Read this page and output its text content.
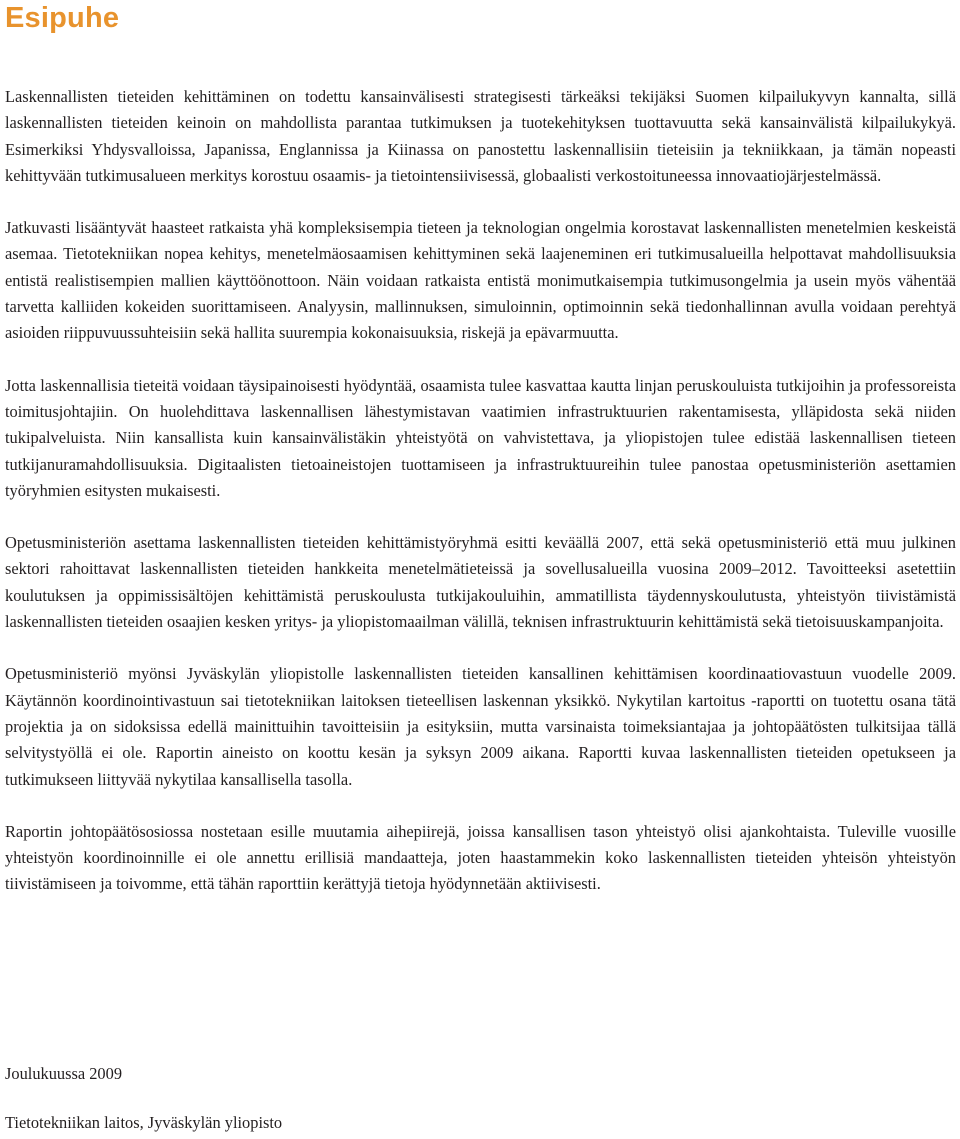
Esipuhe

Laskennallisten tieteiden kehittäminen on todettu kansainvälisesti strategisesti tärkeäksi tekijäksi Suomen kilpailukyvyn kannalta, sillä laskennallisten tieteiden keinoin on mahdollista parantaa tutkimuksen ja tuotekehityksen tuottavuutta sekä kansainvälistä kilpailukykyä. Esimerkiksi Yhdysvalloissa, Japanissa, Englannissa ja Kiinassa on panostettu laskennallisiin tieteisiin ja tekniikkaan, ja tämän nopeasti kehittyvään tutkimusalueen merkitys korostuu osaamis- ja tietointensiivisessä, globaalisti verkostoituneessa innovaatiojärjestelmässä.

Jatkuvasti lisääntyvät haasteet ratkaista yhä kompleksisempia tieteen ja teknologian ongelmia korostavat laskennallisten menetelmien keskeistä asemaa. Tietotekniikan nopea kehitys, menetelmäosaamisen kehittyminen sekä laajeneminen eri tutkimusalueilla helpottavat mahdollisuuksia entistä realistisempien mallien käyttöönottoon. Näin voidaan ratkaista entistä monimutkaisempia tutkimusongelmia ja usein myös vähentää tarvetta kalliiden kokeiden suorittamiseen. Analyysin, mallinnuksen, simuloinnin, optimoinnin sekä tiedonhallinnan avulla voidaan perehtyä asioiden riippuvuussuhteisiin sekä hallita suurempia kokonaisuuksia, riskejä ja epävarmuutta.

Jotta laskennallisia tieteitä voidaan täysipainoisesti hyödyntää, osaamista tulee kasvattaa kautta linjan peruskouluista tutkijoihin ja professoreista toimitusjohtajiin. On huolehdittava laskennallisen lähestymistavan vaatimien infrastruktuurien rakentamisesta, ylläpidosta sekä niiden tukipalveluista. Niin kansallista kuin kansainvälistäkin yhteistyötä on vahvistettava, ja yliopistojen tulee edistää laskennallisen tieteen tutkijanuramahdollisuuksia. Digitaalisten tietoaineistojen tuottamiseen ja infrastruktuureihin tulee panostaa opetusministeriön asettamien työryhmien esitysten mukaisesti.

Opetusministeriön asettama laskennallisten tieteiden kehittämistyöryhmä esitti keväällä 2007, että sekä opetusministeriö että muu julkinen sektori rahoittavat laskennallisten tieteiden hankkeita menetelmätieteissä ja sovellusalueilla vuosina 2009–2012. Tavoitteeksi asetettiin koulutuksen ja oppimissisältöjen kehittämistä peruskoulusta tutkijakouluihin, ammatillista täydennyskoulutusta, yhteistyön tiivistämistä laskennallisten tieteiden osaajien kesken yritys- ja yliopistomaailman välillä, teknisen infrastruktuurin kehittämistä sekä tietoisuuskampanjoita.

Opetusministeriö myönsi Jyväskylän yliopistolle laskennallisten tieteiden kansallinen kehittämisen koordinaatiovastuun vuodelle 2009. Käytännön koordinointivastuun sai tietotekniikan laitoksen tieteellisen laskennan yksikkö. Nykytilan kartoitus -raportti on tuotettu osana tätä projektia ja on sidoksissa edellä mainittuihin tavoitteisiin ja esityksiin, mutta varsinaista toimeksiantajaa ja johtopäätösten tulkitsijaa tällä selvitystyöllä ei ole. Raportin aineisto on koottu kesän ja syksyn 2009 aikana. Raportti kuvaa laskennallisten tieteiden opetukseen ja tutkimukseen liittyvää nykytilaa kansallisella tasolla.

Raportin johtopäätösosiossa nostetaan esille muutamia aihepiirejä, joissa kansallisen tason yhteistyö olisi ajankohtaista. Tuleville vuosille yhteistyön koordinoinnille ei ole annettu erillisiä mandaatteja, joten haastammekin koko laskennallisten tieteiden yhteisön yhteistyön tiivistämiseen ja toivomme, että tähän raporttiin kerättyjä tietoja hyödynnetään aktiivisesti.

Joulukuussa 2009

Tietotekniikan laitos, Jyväskylän yliopisto
